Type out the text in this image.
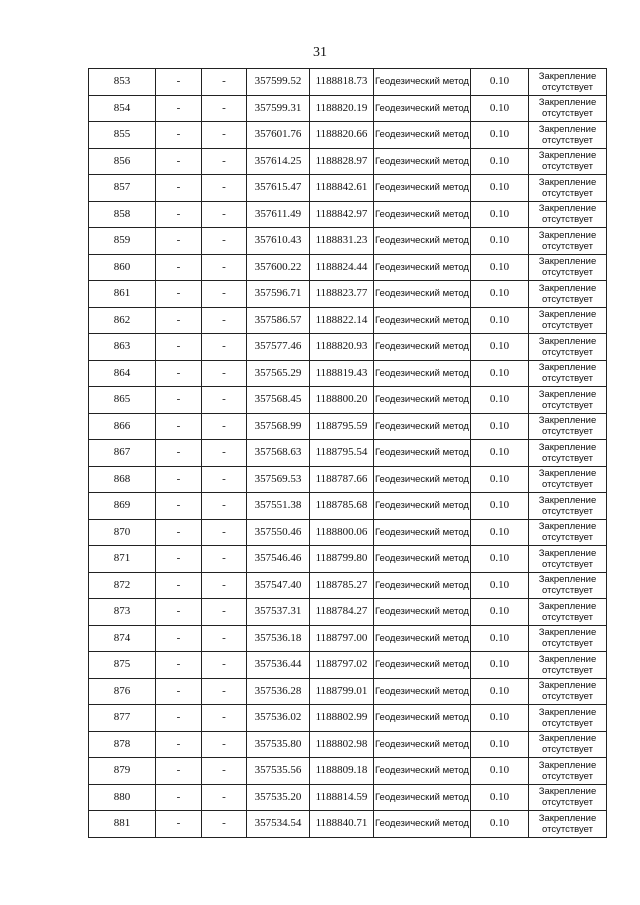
31
853	-	-	357599.52	1188818.73	Геодезический метод	0.10	Закрепление отсутствует
854	-	-	357599.31	1188820.19	Геодезический метод	0.10	Закрепление отсутствует
855	-	-	357601.76	1188820.66	Геодезический метод	0.10	Закрепление отсутствует
856	-	-	357614.25	1188828.97	Геодезический метод	0.10	Закрепление отсутствует
857	-	-	357615.47	1188842.61	Геодезический метод	0.10	Закрепление отсутствует
858	-	-	357611.49	1188842.97	Геодезический метод	0.10	Закрепление отсутствует
859	-	-	357610.43	1188831.23	Геодезический метод	0.10	Закрепление отсутствует
860	-	-	357600.22	1188824.44	Геодезический метод	0.10	Закрепление отсутствует
861	-	-	357596.71	1188823.77	Геодезический метод	0.10	Закрепление отсутствует
862	-	-	357586.57	1188822.14	Геодезический метод	0.10	Закрепление отсутствует
863	-	-	357577.46	1188820.93	Геодезический метод	0.10	Закрепление отсутствует
864	-	-	357565.29	1188819.43	Геодезический метод	0.10	Закрепление отсутствует
865	-	-	357568.45	1188800.20	Геодезический метод	0.10	Закрепление отсутствует
866	-	-	357568.99	1188795.59	Геодезический метод	0.10	Закрепление отсутствует
867	-	-	357568.63	1188795.54	Геодезический метод	0.10	Закрепление отсутствует
868	-	-	357569.53	1188787.66	Геодезический метод	0.10	Закрепление отсутствует
869	-	-	357551.38	1188785.68	Геодезический метод	0.10	Закрепление отсутствует
870	-	-	357550.46	1188800.06	Геодезический метод	0.10	Закрепление отсутствует
871	-	-	357546.46	1188799.80	Геодезический метод	0.10	Закрепление отсутствует
872	-	-	357547.40	1188785.27	Геодезический метод	0.10	Закрепление отсутствует
873	-	-	357537.31	1188784.27	Геодезический метод	0.10	Закрепление отсутствует
874	-	-	357536.18	1188797.00	Геодезический метод	0.10	Закрепление отсутствует
875	-	-	357536.44	1188797.02	Геодезический метод	0.10	Закрепление отсутствует
876	-	-	357536.28	1188799.01	Геодезический метод	0.10	Закрепление отсутствует
877	-	-	357536.02	1188802.99	Геодезический метод	0.10	Закрепление отсутствует
878	-	-	357535.80	1188802.98	Геодезический метод	0.10	Закрепление отсутствует
879	-	-	357535.56	1188809.18	Геодезический метод	0.10	Закрепление отсутствует
880	-	-	357535.20	1188814.59	Геодезический метод	0.10	Закрепление отсутствует
881	-	-	357534.54	1188840.71	Геодезический метод	0.10	Закрепление отсутствует
